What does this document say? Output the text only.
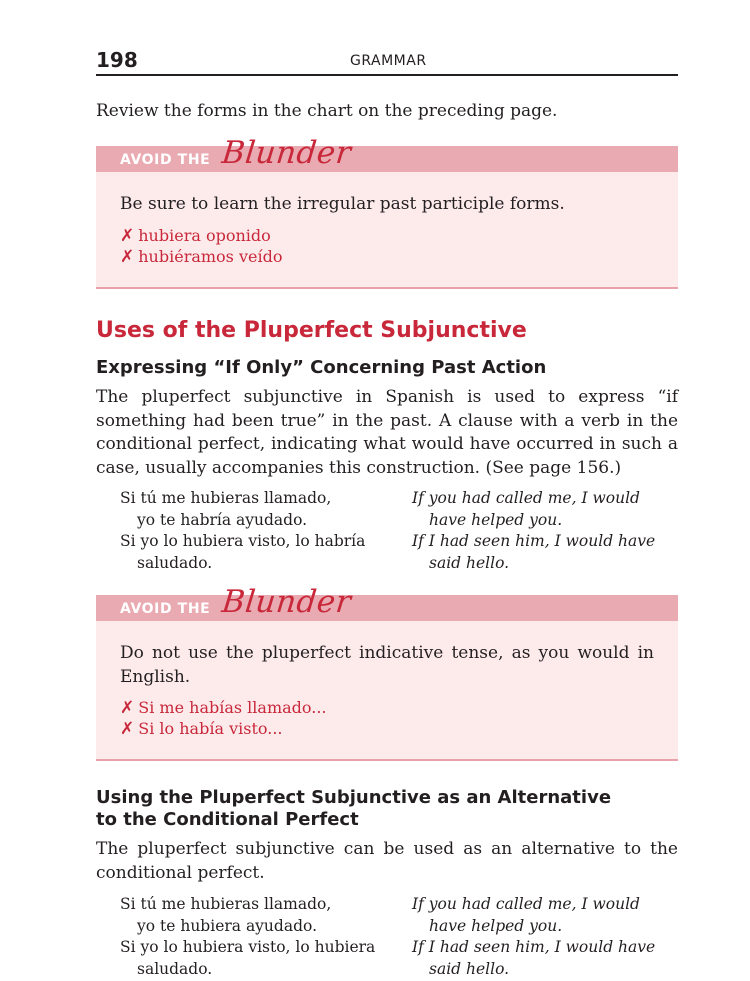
198	GRAMMAR

Review the forms in the chart on the preceding page.

AVOID THE Blunder

Be sure to learn the irregular past participle forms.

✗ hubiera oponido
✗ hubiéramos veído
Uses of the Pluperfect Subjunctive
Expressing “If Only” Concerning Past Action

The pluperfect subjunctive in Spanish is used to express “if something had been true” in the past. A clause with a verb in the conditional perfect, indicating what would have occurred in such a case, usually accompanies this construction. (See page 156.)

Si tú me hubieras llamado,
yo te habría ayudado.

If you had called me, I would
have helped you.

Si yo lo hubiera visto, lo habría
saludado.

If I had seen him, I would have
said hello.

AVOID THE Blunder

Do not use the pluperfect indicative tense, as you would in English.

✗ Si me habías llamado...
✗ Si lo había visto...
Using the Pluperfect Subjunctive as an Alternative to the Conditional Perfect

The pluperfect subjunctive can be used as an alternative to the conditional perfect.

Si tú me hubieras llamado,
yo te hubiera ayudado.

If you had called me, I would
have helped you.

Si yo lo hubiera visto, lo hubiera
saludado.

If I had seen him, I would have
said hello.
